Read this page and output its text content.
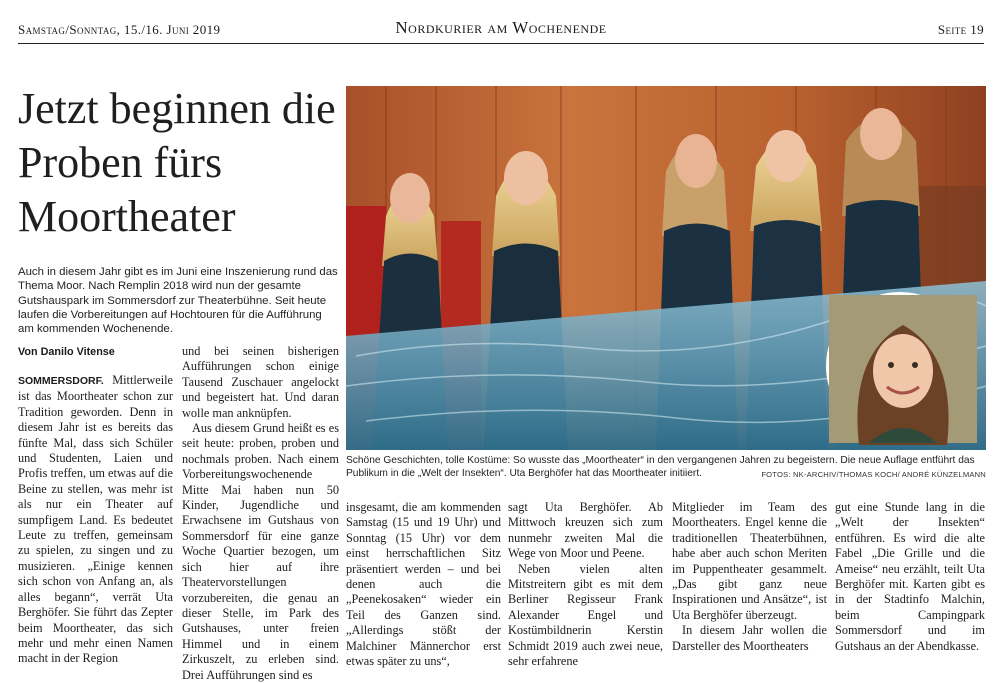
Samstag/Sonntag, 15./16. Juni 2019	Nordkurier am Wochenende	Seite 19
Jetzt beginnen die Proben fürs Moortheater

Auch in diesem Jahr gibt es im Juni eine Inszenierung rund das Thema Moor. Nach Remplin 2018 wird nun der gesamte Gutshauspark im Sommersdorf zur Theaterbühne. Seit heute laufen die Vorbereitungen auf Hochtouren für die Aufführung am kommenden Wochenende.

Von Danilo Vitense

SOMMERSDORF. Mittlerweile ist das Moortheater schon zur Tradition geworden. Denn in diesem Jahr ist es bereits das fünfte Mal, dass sich Schüler und Studenten, Laien und Profis treffen, um etwas auf die Beine zu stellen, was mehr ist als nur ein Theater auf sumpfigem Land. Es bedeutet Leute zu treffen, gemeinsam zu spielen, zu singen und zu musizieren. „Einige kennen sich schon von Anfang an, als alles begann“, verrät Uta Berghöfer. Sie führt das Zepter beim Moortheater, das sich mehr und mehr einen Namen macht in der Region

und bei seinen bisherigen Aufführungen schon einige Tausend Zuschauer angelockt und begeistert hat. Und daran wolle man anknüpfen.

Aus diesem Grund heißt es es seit heute: proben, proben und nochmals proben. Nach einem Vorbereitungswochenende Mitte Mai haben nun 50 Kinder, Jugendliche und Erwachsene im Gutshaus von Sommersdorf für eine ganze Woche Quartier bezogen, um sich hier auf ihre Theatervorstellungen vorzubereiten, die genau an dieser Stelle, im Park des Gutshauses, unter freien Himmel und in einem Zirkuszelt, zu erleben sind. Drei Aufführungen sind es

Schöne Geschichten, tolle Kostüme: So wusste das „Moortheater“ in den vergangenen Jahren zu begeistern. Die neue Auflage entführt das Publikum in die „Welt der Insekten“. Uta Berghöfer hat das Moortheater initiiert.	FOTOS: NK-ARCHIV/THOMAS KOCH/ ANDRÉ KÜNZELMANN

insgesamt, die am kommenden Samstag (15 und 19 Uhr) und Sonntag (15 Uhr) vor dem einst herrschaftlichen Sitz präsentiert werden – und bei denen auch die „Peenekosaken“ wieder ein Teil des Ganzen sind. „Allerdings stößt der Malchiner Männerchor erst etwas später zu uns“,

sagt Uta Berghöfer. Ab Mittwoch kreuzen sich zum nunmehr zweiten Mal die Wege von Moor und Peene.

Neben vielen alten Mitstreitern gibt es mit dem Berliner Regisseur Frank Alexander Engel und Kostümbildnerin Kerstin Schmidt 2019 auch zwei neue, sehr erfahrene

Mitglieder im Team des Moortheaters. Engel kenne die traditionellen Theaterbühnen, habe aber auch schon Meriten im Puppentheater gesammelt. „Das gibt ganz neue Inspirationen und Ansätze“, ist Uta Berghöfer überzeugt.

In diesem Jahr wollen die Darsteller des Moortheaters

gut eine Stunde lang in die „Welt der Insekten“ entführen. Es wird die alte Fabel „Die Grille und die Ameise“ neu erzählt, teilt Uta Berghöfer mit. Karten gibt es in der Stadtinfo Malchin, beim Campingpark Sommersdorf und im Gutshaus an der Abendkasse.
